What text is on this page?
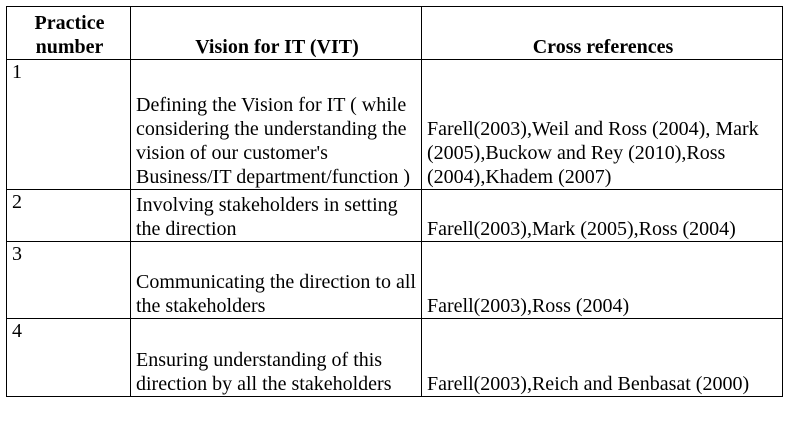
Practice number	Vision for IT (VIT)	Cross references
1	Defining the Vision for IT ( while considering the understanding the vision of our customer's Business/IT department/function )	Farell(2003),Weil and Ross (2004), Mark (2005),Buckow and Rey (2010),Ross (2004),Khadem (2007)

2	Involving stakeholders in setting the direction	Farell(2003),Mark (2005),Ross (2004)

3	Communicating the direction to all the stakeholders	Farell(2003),Ross (2004)

4	Ensuring understanding of this direction by all the stakeholders	Farell(2003),Reich and Benbasat (2000)
